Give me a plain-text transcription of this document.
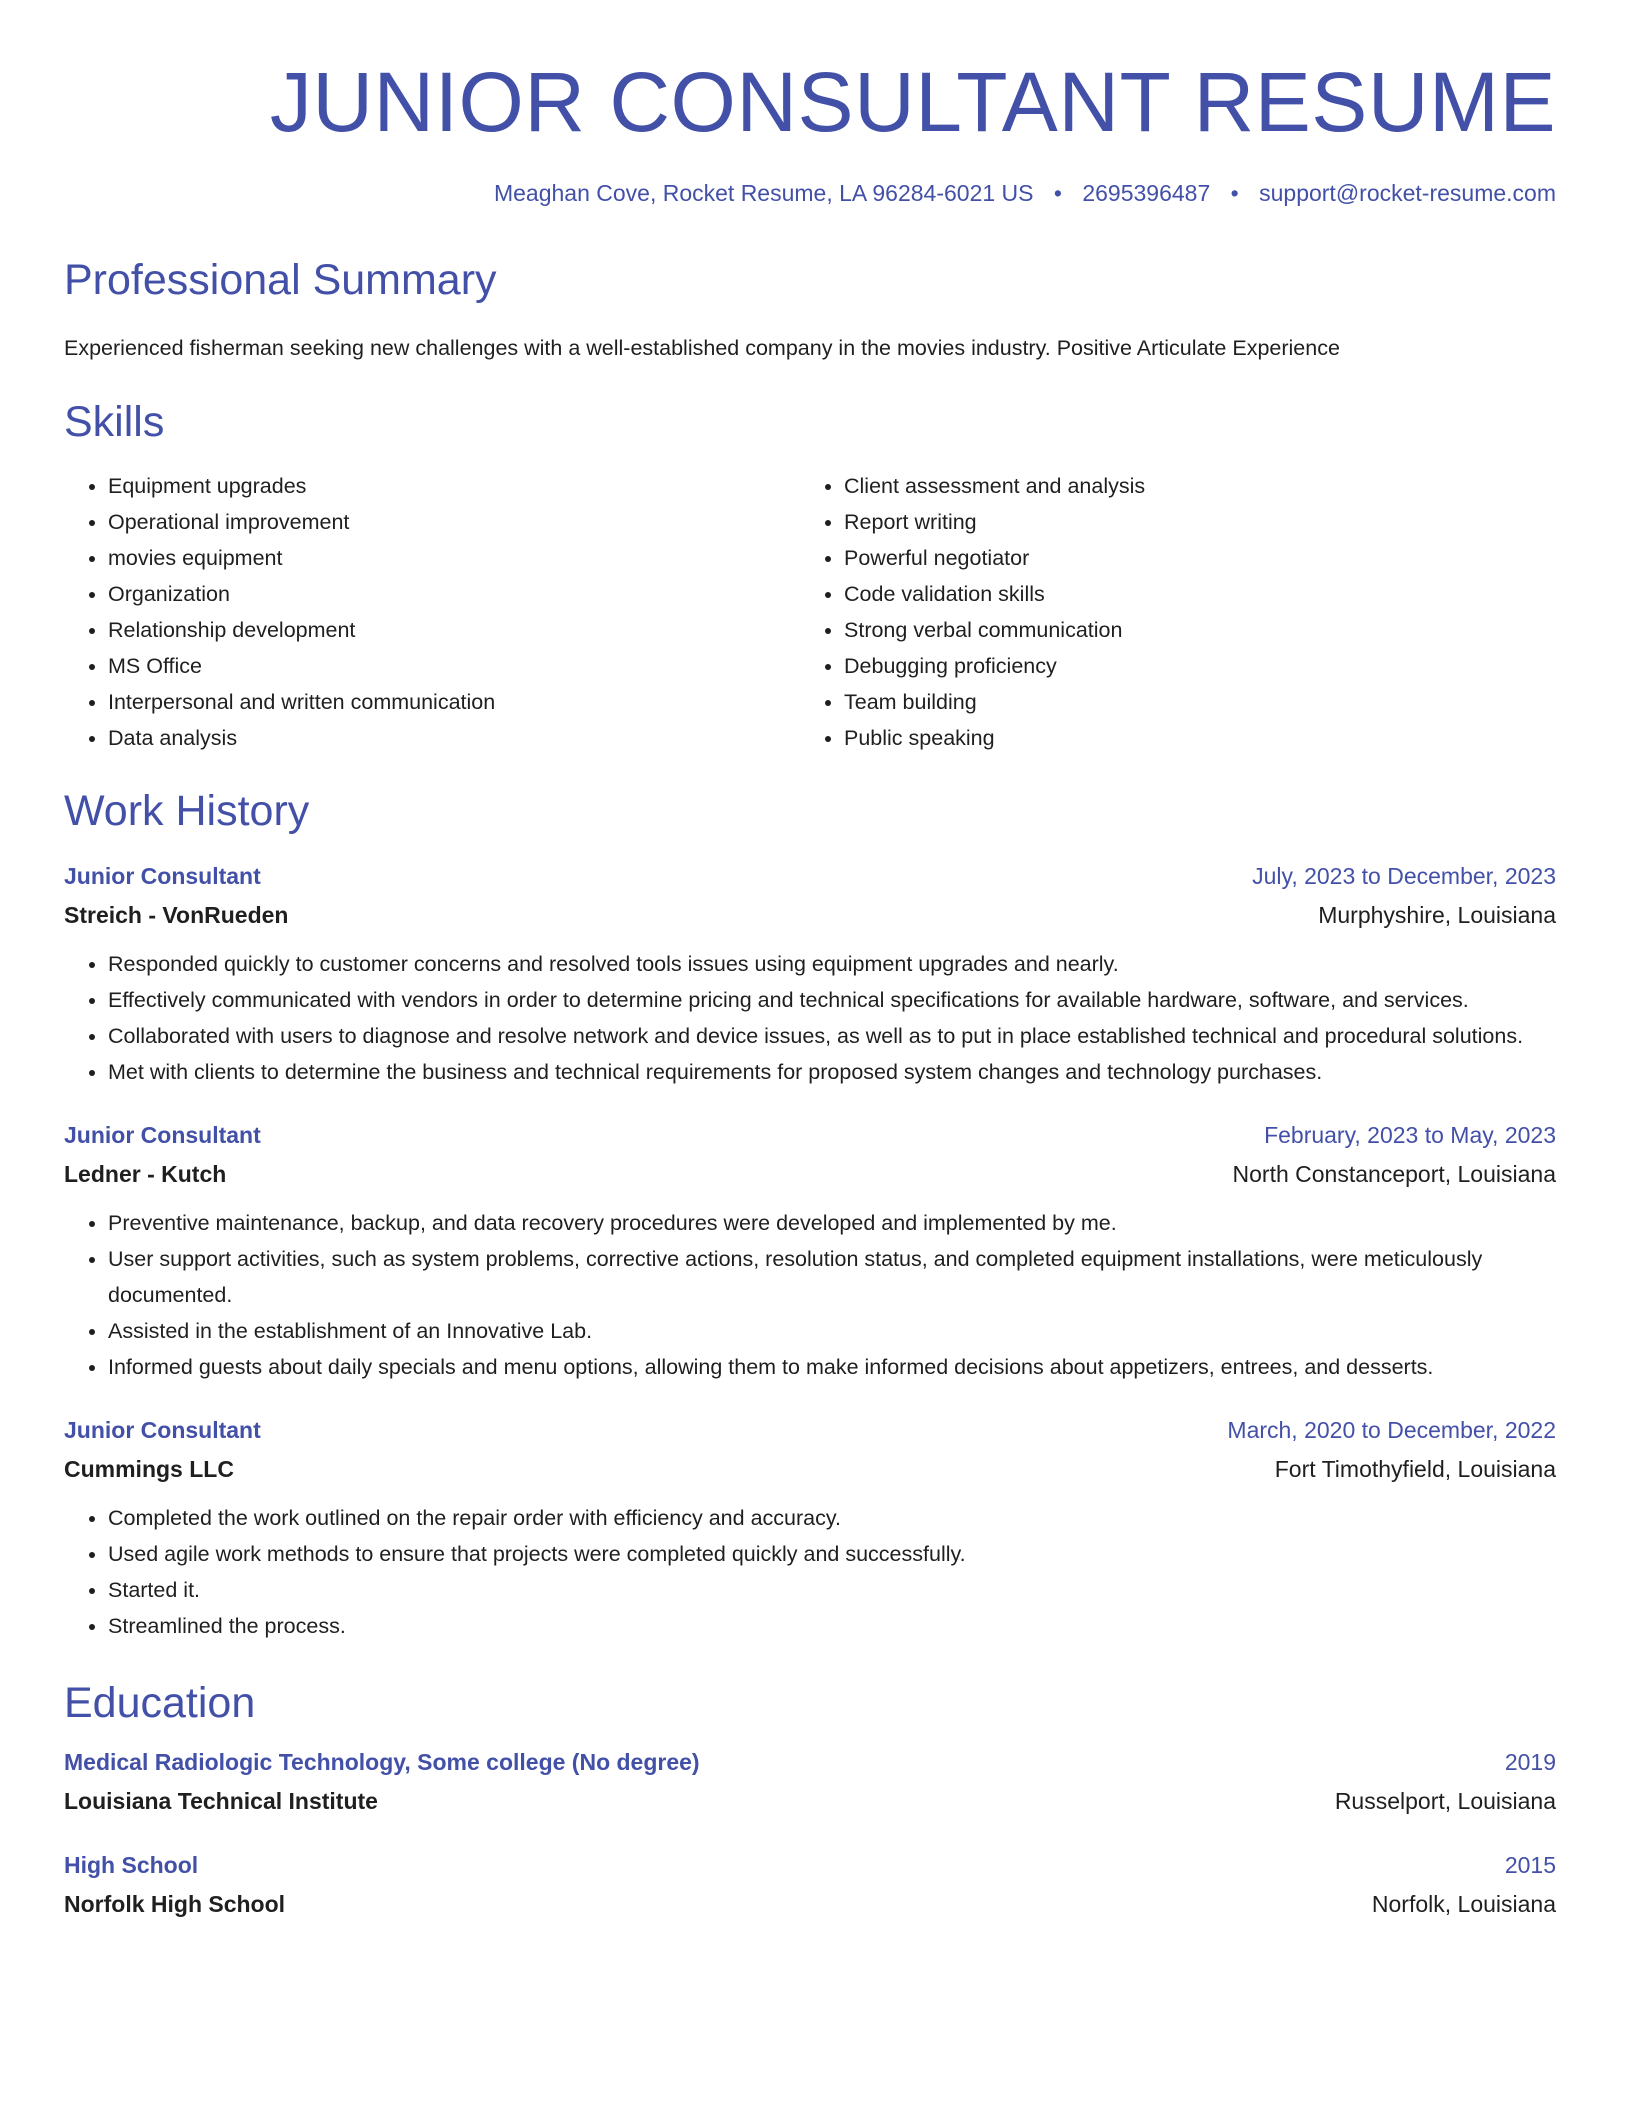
JUNIOR CONSULTANT RESUME
Meaghan Cove, Rocket Resume, LA 96284-6021 US • 2695396487 • support@rocket-resume.com
Professional Summary
Experienced fisherman seeking new challenges with a well-established company in the movies industry. Positive Articulate Experience
Skills
• Equipment upgrades
• Operational improvement
• movies equipment
• Organization
• Relationship development
• MS Office
• Interpersonal and written communication
• Data analysis
• Client assessment and analysis
• Report writing
• Powerful negotiator
• Code validation skills
• Strong verbal communication
• Debugging proficiency
• Team building
• Public speaking
Work History
Junior Consultant	July, 2023 to December, 2023
Streich - VonRueden	Murphyshire, Louisiana
• Responded quickly to customer concerns and resolved tools issues using equipment upgrades and nearly.
• Effectively communicated with vendors in order to determine pricing and technical specifications for available hardware, software, and services.
• Collaborated with users to diagnose and resolve network and device issues, as well as to put in place established technical and procedural solutions.
• Met with clients to determine the business and technical requirements for proposed system changes and technology purchases.
Junior Consultant	February, 2023 to May, 2023
Ledner - Kutch	North Constanceport, Louisiana
• Preventive maintenance, backup, and data recovery procedures were developed and implemented by me.
• User support activities, such as system problems, corrective actions, resolution status, and completed equipment installations, were meticulously documented.
• Assisted in the establishment of an Innovative Lab.
• Informed guests about daily specials and menu options, allowing them to make informed decisions about appetizers, entrees, and desserts.
Junior Consultant	March, 2020 to December, 2022
Cummings LLC	Fort Timothyfield, Louisiana
• Completed the work outlined on the repair order with efficiency and accuracy.
• Used agile work methods to ensure that projects were completed quickly and successfully.
• Started it.
• Streamlined the process.
Education
Medical Radiologic Technology, Some college (No degree)	2019
Louisiana Technical Institute	Russelport, Louisiana
High School	2015
Norfolk High School	Norfolk, Louisiana
